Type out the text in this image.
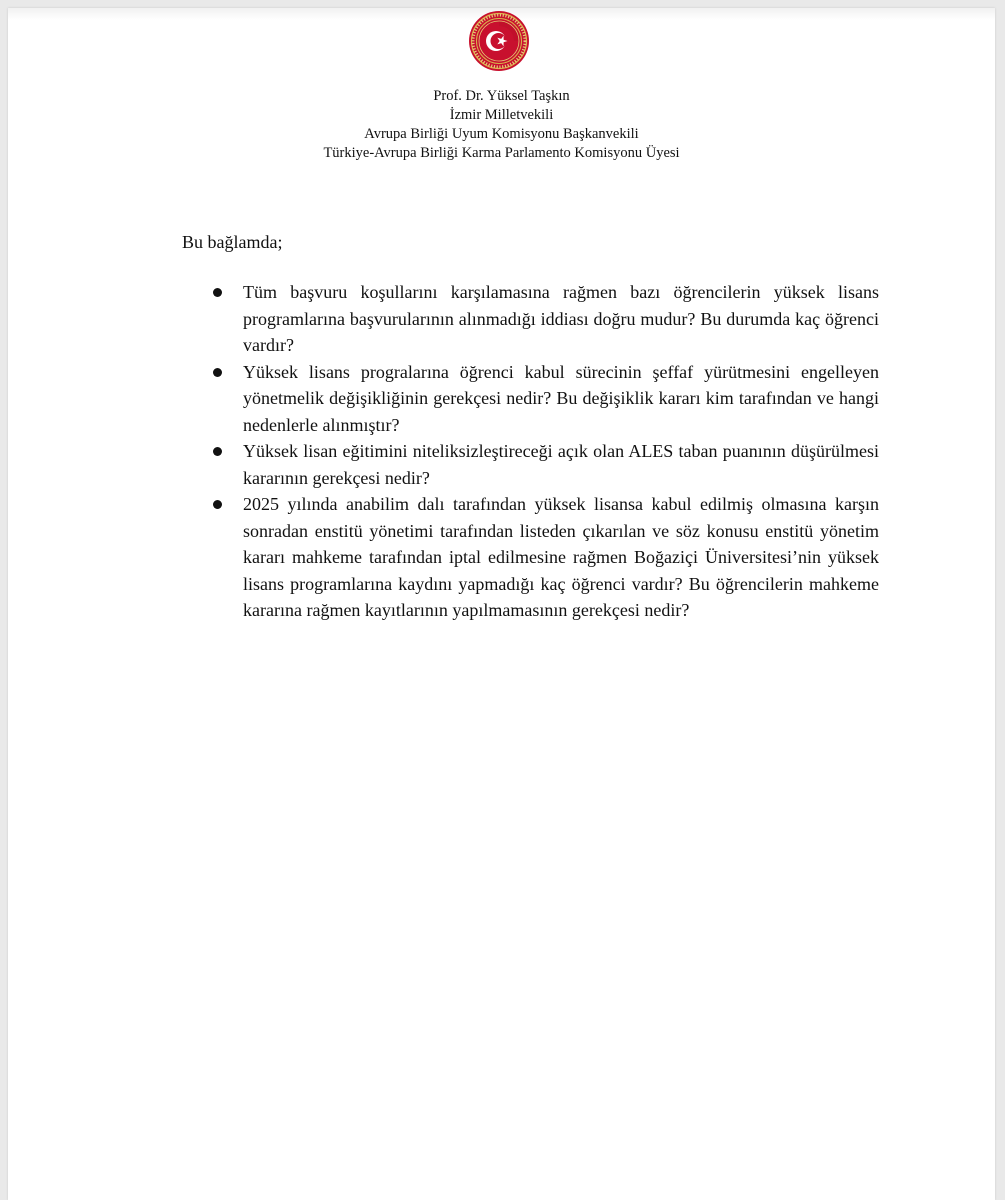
Prof. Dr. Yüksel Taşkın
İzmir Milletvekili
Avrupa Birliği Uyum Komisyonu Başkanvekili
Türkiye-Avrupa Birliği Karma Parlamento Komisyonu Üyesi
Bu bağlamda;
Tüm başvuru koşullarını karşılamasına rağmen bazı öğrencilerin yüksek lisans programlarına başvurularının alınmadığı iddiası doğru mudur? Bu durumda kaç öğrenci vardır?
Yüksek lisans progralarına öğrenci kabul sürecinin şeffaf yürütmesini engelleyen yönetmelik değişikliğinin gerekçesi nedir? Bu değişiklik kararı kim tarafından ve hangi nedenlerle alınmıştır?
Yüksek lisan eğitimini niteliksizleştireceği açık olan ALES taban puanının düşürülmesi kararının gerekçesi nedir?
2025 yılında anabilim dalı tarafından yüksek lisansa kabul edilmiş olmasına karşın sonradan enstitü yönetimi tarafından listeden çıkarılan ve söz konusu enstitü yönetim kararı mahkeme tarafından iptal edilmesine rağmen Boğaziçi Üniversitesi’nin yüksek lisans programlarına kaydını yapmadığı kaç öğrenci vardır? Bu öğrencilerin mahkeme kararına rağmen kayıtlarının yapılmamasının gerekçesi nedir?
